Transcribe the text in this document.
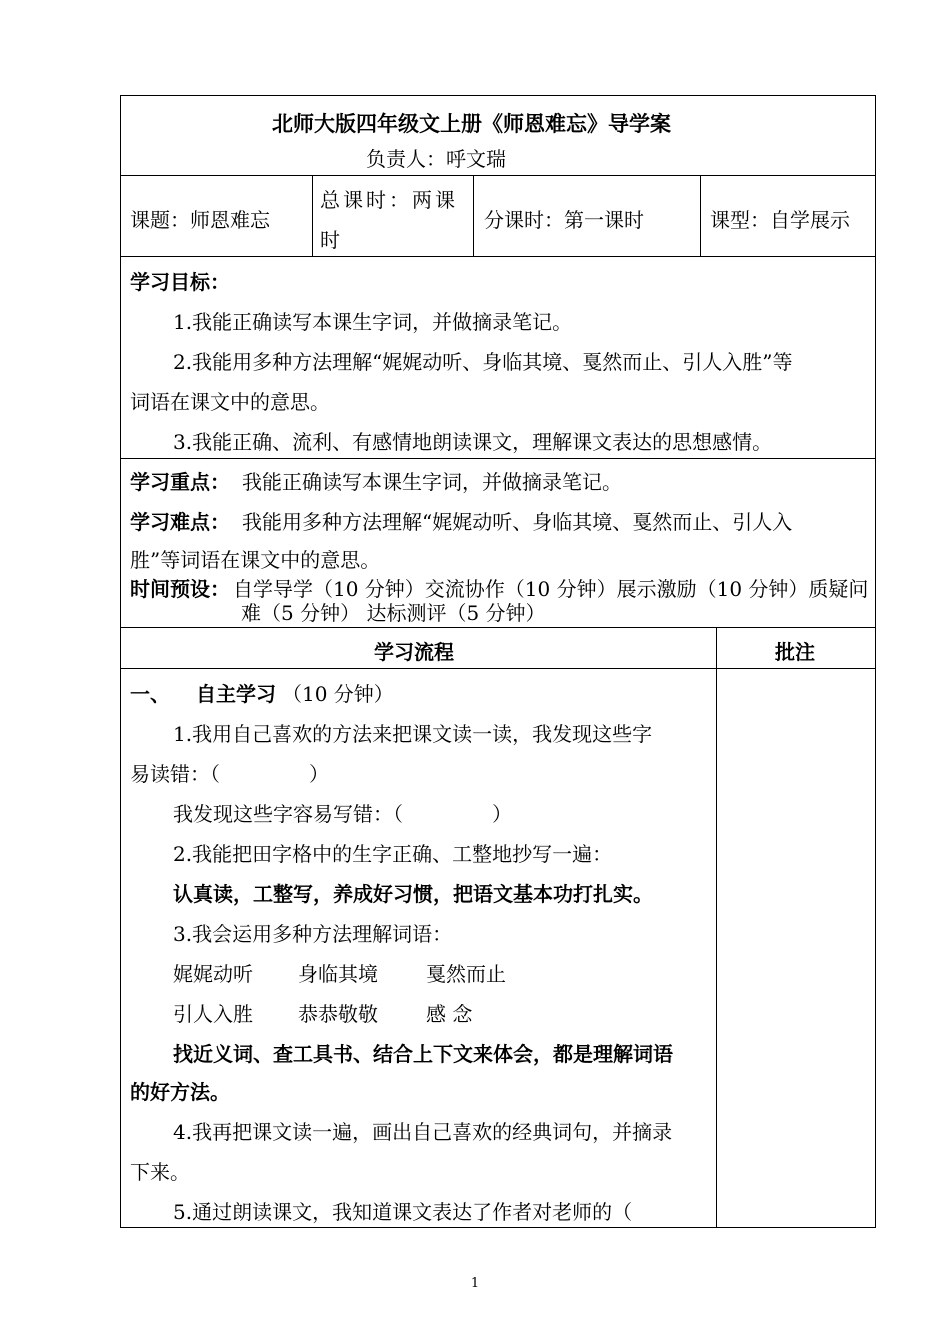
北师大版四年级文上册《师恩难忘》导学案
负责人：呼文瑞
课题：师恩难忘
总课时：两课
时
分课时：第一课时	课型：自学展示
学习目标：
1.我能正确读写本课生字词，并做摘录笔记。
2.我能用多种方法理解“娓娓动听、身临其境、戛然而止、引人入胜”等
词语在课文中的意思。
3.我能正确、流利、有感情地朗读课文，理解课文表达的思想感情。
学习重点： 我能正确读写本课生字词，并做摘录笔记。
学习难点： 我能用多种方法理解“娓娓动听、身临其境、戛然而止、引人入
胜”等词语在课文中的意思。
时间预设： 自学导学（10 分钟）交流协作（10 分钟）展示激励（10 分钟）质疑问
难（5 分钟） 达标测评（5 分钟）
学习流程	批注
一、 自主学习 （10 分钟）
1.我用自己喜欢的方法来把课文读一读，我发现这些字
易读错：（              ）
我发现这些字容易写错：（              ）
2.我能把田字格中的生字正确、工整地抄写一遍：
认真读，工整写，养成好习惯，把语文基本功打扎实。
3.我会运用多种方法理解词语：
娓娓动听 身临其境 戛然而止
引人入胜 恭恭敬敬 感 念
找近义词、查工具书、结合上下文来体会，都是理解词语
的好方法。
4.我再把课文读一遍，画出自己喜欢的经典词句，并摘录
下来。
5.通过朗读课文，我知道课文表达了作者对老师的（
1
